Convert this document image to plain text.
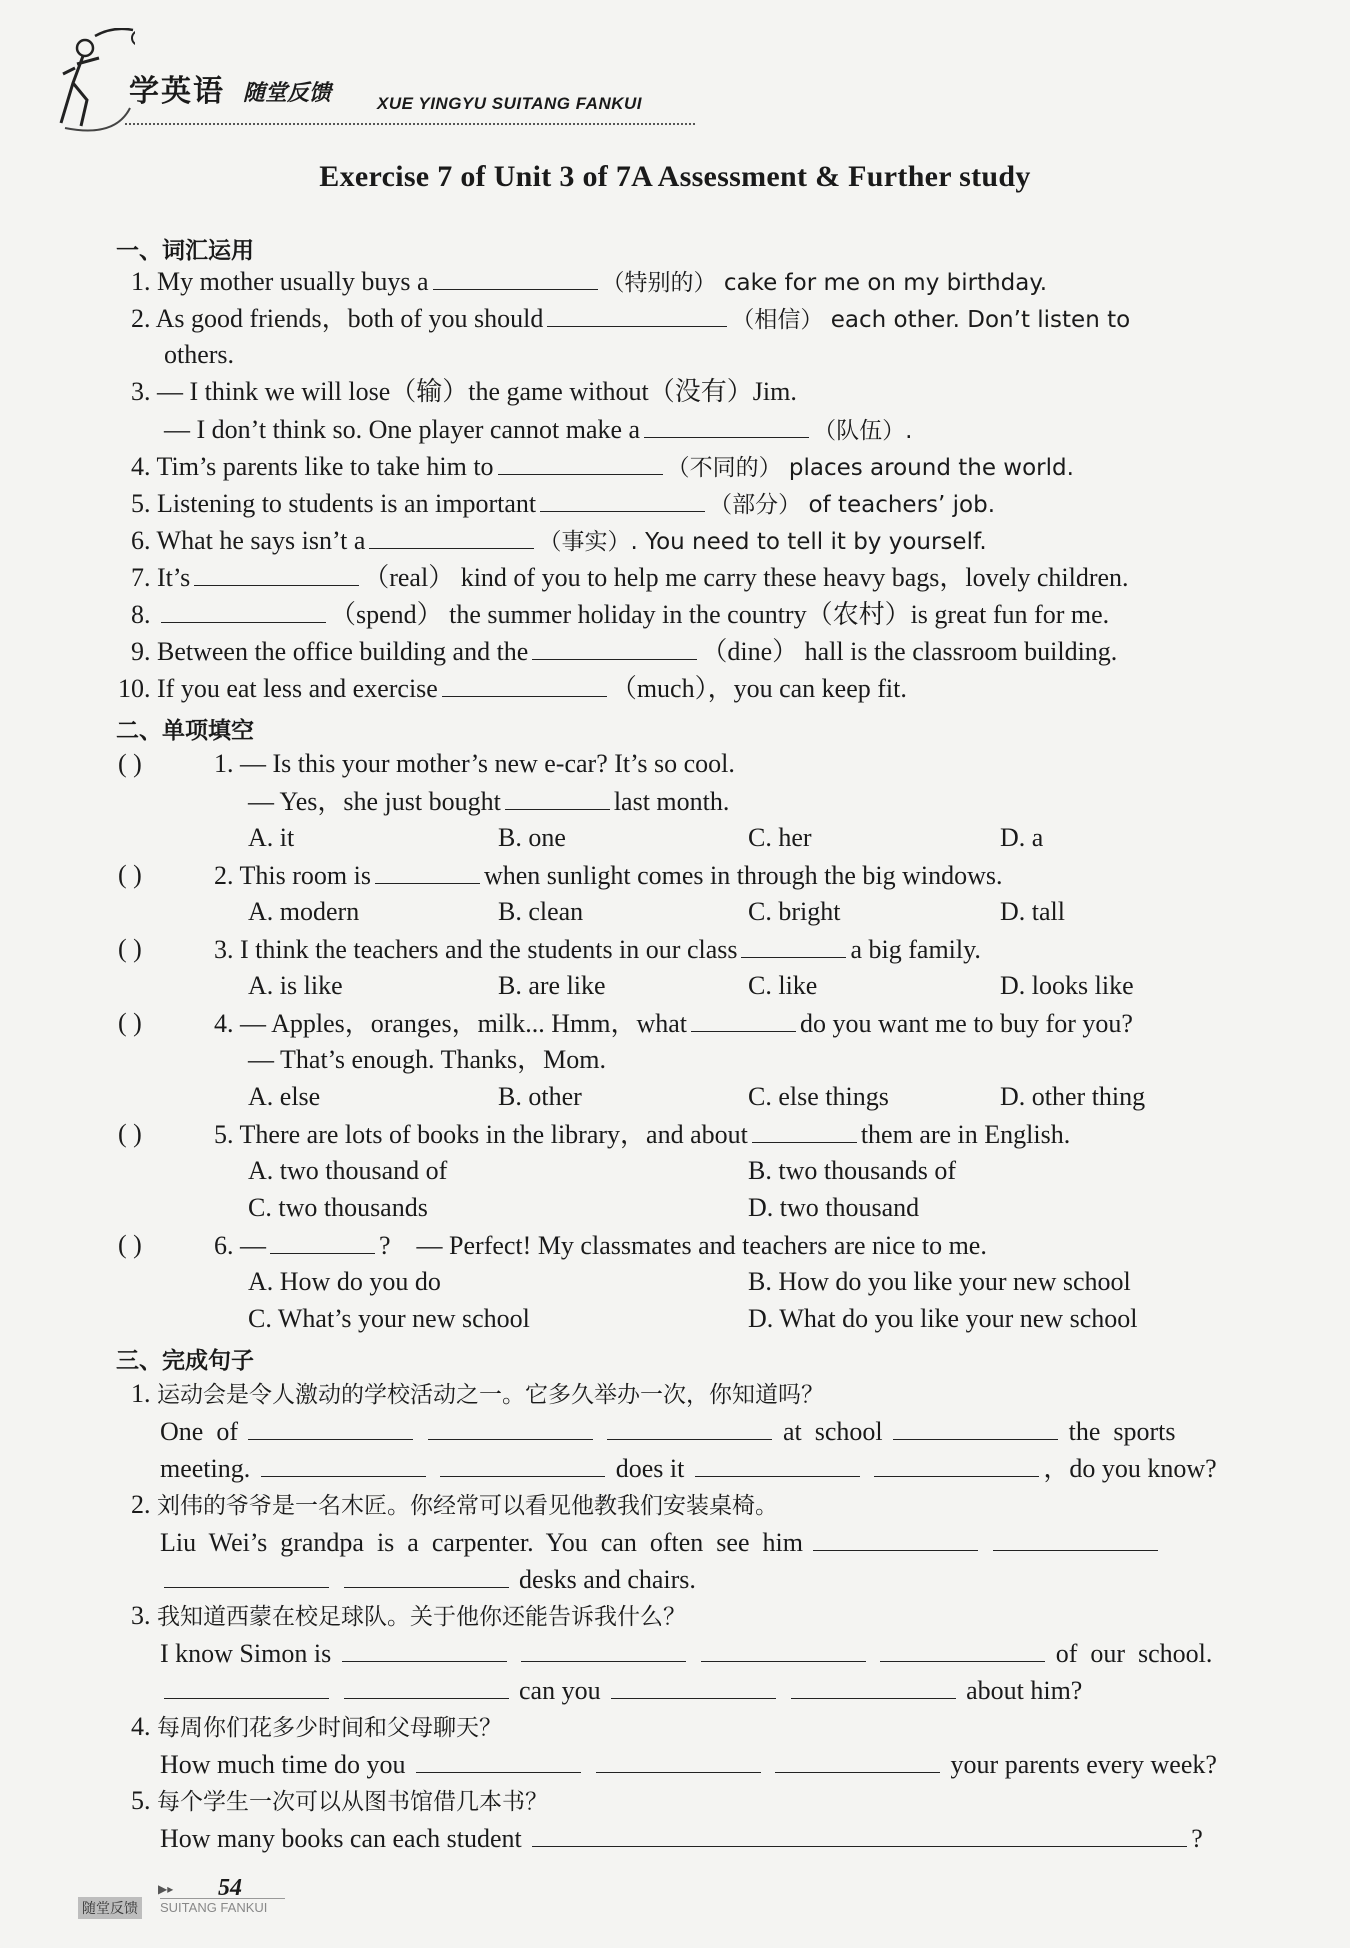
学英语 随堂反馈	XUE YINGYU SUITANG FANKUI
Exercise 7 of Unit 3 of 7A Assessment & Further study
一、词汇运用
1. My mother usually buys a	（特别的） cake for me on my birthday.
2. As good friends，both of you should	（相信） each other. Don’t listen to
others.
3. — I think we will lose（输）the game without（没有）Jim.
— I don’t think so. One player cannot make a	（队伍）.
4. Tim’s parents like to take him to	（不同的） places around the world.
5. Listening to students is an important	（部分） of teachers’ job.
6. What he says isn’t a	（事实）. You need to tell it by yourself.
7. It’s	（real） kind of you to help me carry these heavy bags，lovely children.
8.	（spend） the summer holiday in the country（农村）is great fun for me.
9. Between the office building and the	（dine） hall is the classroom building.
10. If you eat less and exercise	（much），you can keep fit.
二、单项填空
( )	1. — Is this your mother’s new e-car? It’s so cool.
— Yes，she just bought	last month.
A. it	B. one	C. her	D. a
( )	2. This room is	when sunlight comes in through the big windows.
A. modern	B. clean	C. bright	D. tall
( )	3. I think the teachers and the students in our class	a big family.
A. is like	B. are like	C. like	D. looks like
( )	4. — Apples，oranges，milk... Hmm，what	do you want me to buy for you?
— That’s enough. Thanks，Mom.
A. else	B. other	C. else things	D. other thing
( )	5. There are lots of books in the library，and about	them are in English.
A. two thousand of	B. two thousands of
C. two thousands	D. two thousand
( )	6. —	?    — Perfect! My classmates and teachers are nice to me.
A. How do you do	B. How do you like your new school
C. What’s your new school	D. What do you like your new school
三、完成句子
1. 运动会是令人激动的学校活动之一。它多久举办一次，你知道吗？
One  of	at  school	the  sports
meeting.	does it	，do you know?
2. 刘伟的爷爷是一名木匠。你经常可以看见他教我们安装桌椅。
Liu  Wei’s  grandpa  is  a  carpenter.  You  can  often  see  him
desks and chairs.
3. 我知道西蒙在校足球队。关于他你还能告诉我什么？
I know Simon is	of  our  school.
can you	about him?
4. 每周你们花多少时间和父母聊天？
How much time do you	your parents every week?
5. 每个学生一次可以从图书馆借几本书？
How many books can each student	?
▶▸ 54
随堂反馈	SUITANG FANKUI
